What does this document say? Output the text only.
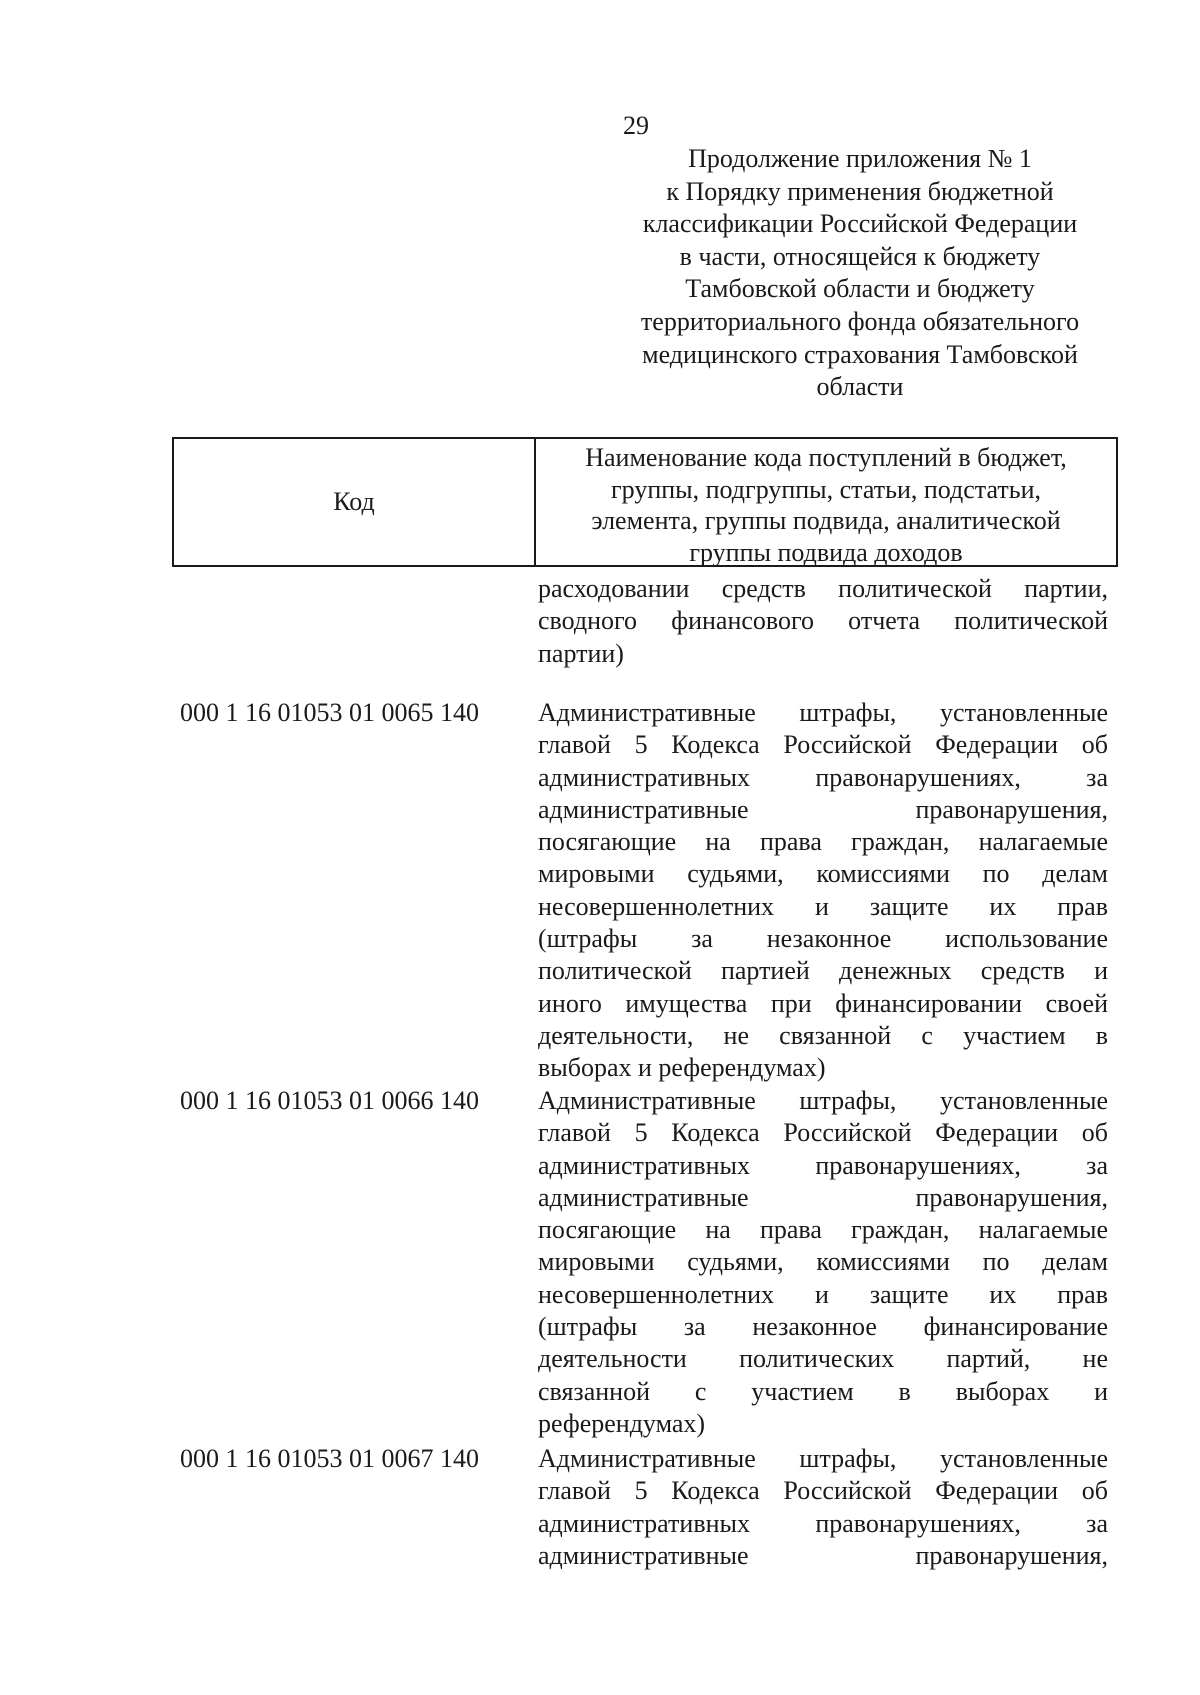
29
Продолжение приложения № 1
к Порядку применения бюджетной
классификации Российской Федерации
в части, относящейся к бюджету
Тамбовской области и бюджету
территориального фонда обязательного
медицинского страхования Тамбовской
области
Код
Наименование кода поступлений в бюджет,
группы, подгруппы, статьи, подстатьи,
элемента, группы подвида, аналитической
группы подвида доходов
расходовании средств политической партии,
сводного финансового отчета политической
партии)
000 1 16 01053 01 0065 140 Административные штрафы, установленные
главой 5 Кодекса Российской Федерации об
административных правонарушениях, за
административные правонарушения,
посягающие на права граждан, налагаемые
мировыми судьями, комиссиями по делам
несовершеннолетних и защите их прав
(штрафы за незаконное использование
политической партией денежных средств и
иного имущества при финансировании своей
деятельности, не связанной с участием в
выборах и референдумах)
000 1 16 01053 01 0066 140 Административные штрафы, установленные
главой 5 Кодекса Российской Федерации об
административных правонарушениях, за
административные правонарушения,
посягающие на права граждан, налагаемые
мировыми судьями, комиссиями по делам
несовершеннолетних и защите их прав
(штрафы за незаконное финансирование
деятельности политических партий, не
связанной с участием в выборах и
референдумах)
000 1 16 01053 01 0067 140 Административные штрафы, установленные
главой 5 Кодекса Российской Федерации об
административных правонарушениях, за
административные правонарушения,
